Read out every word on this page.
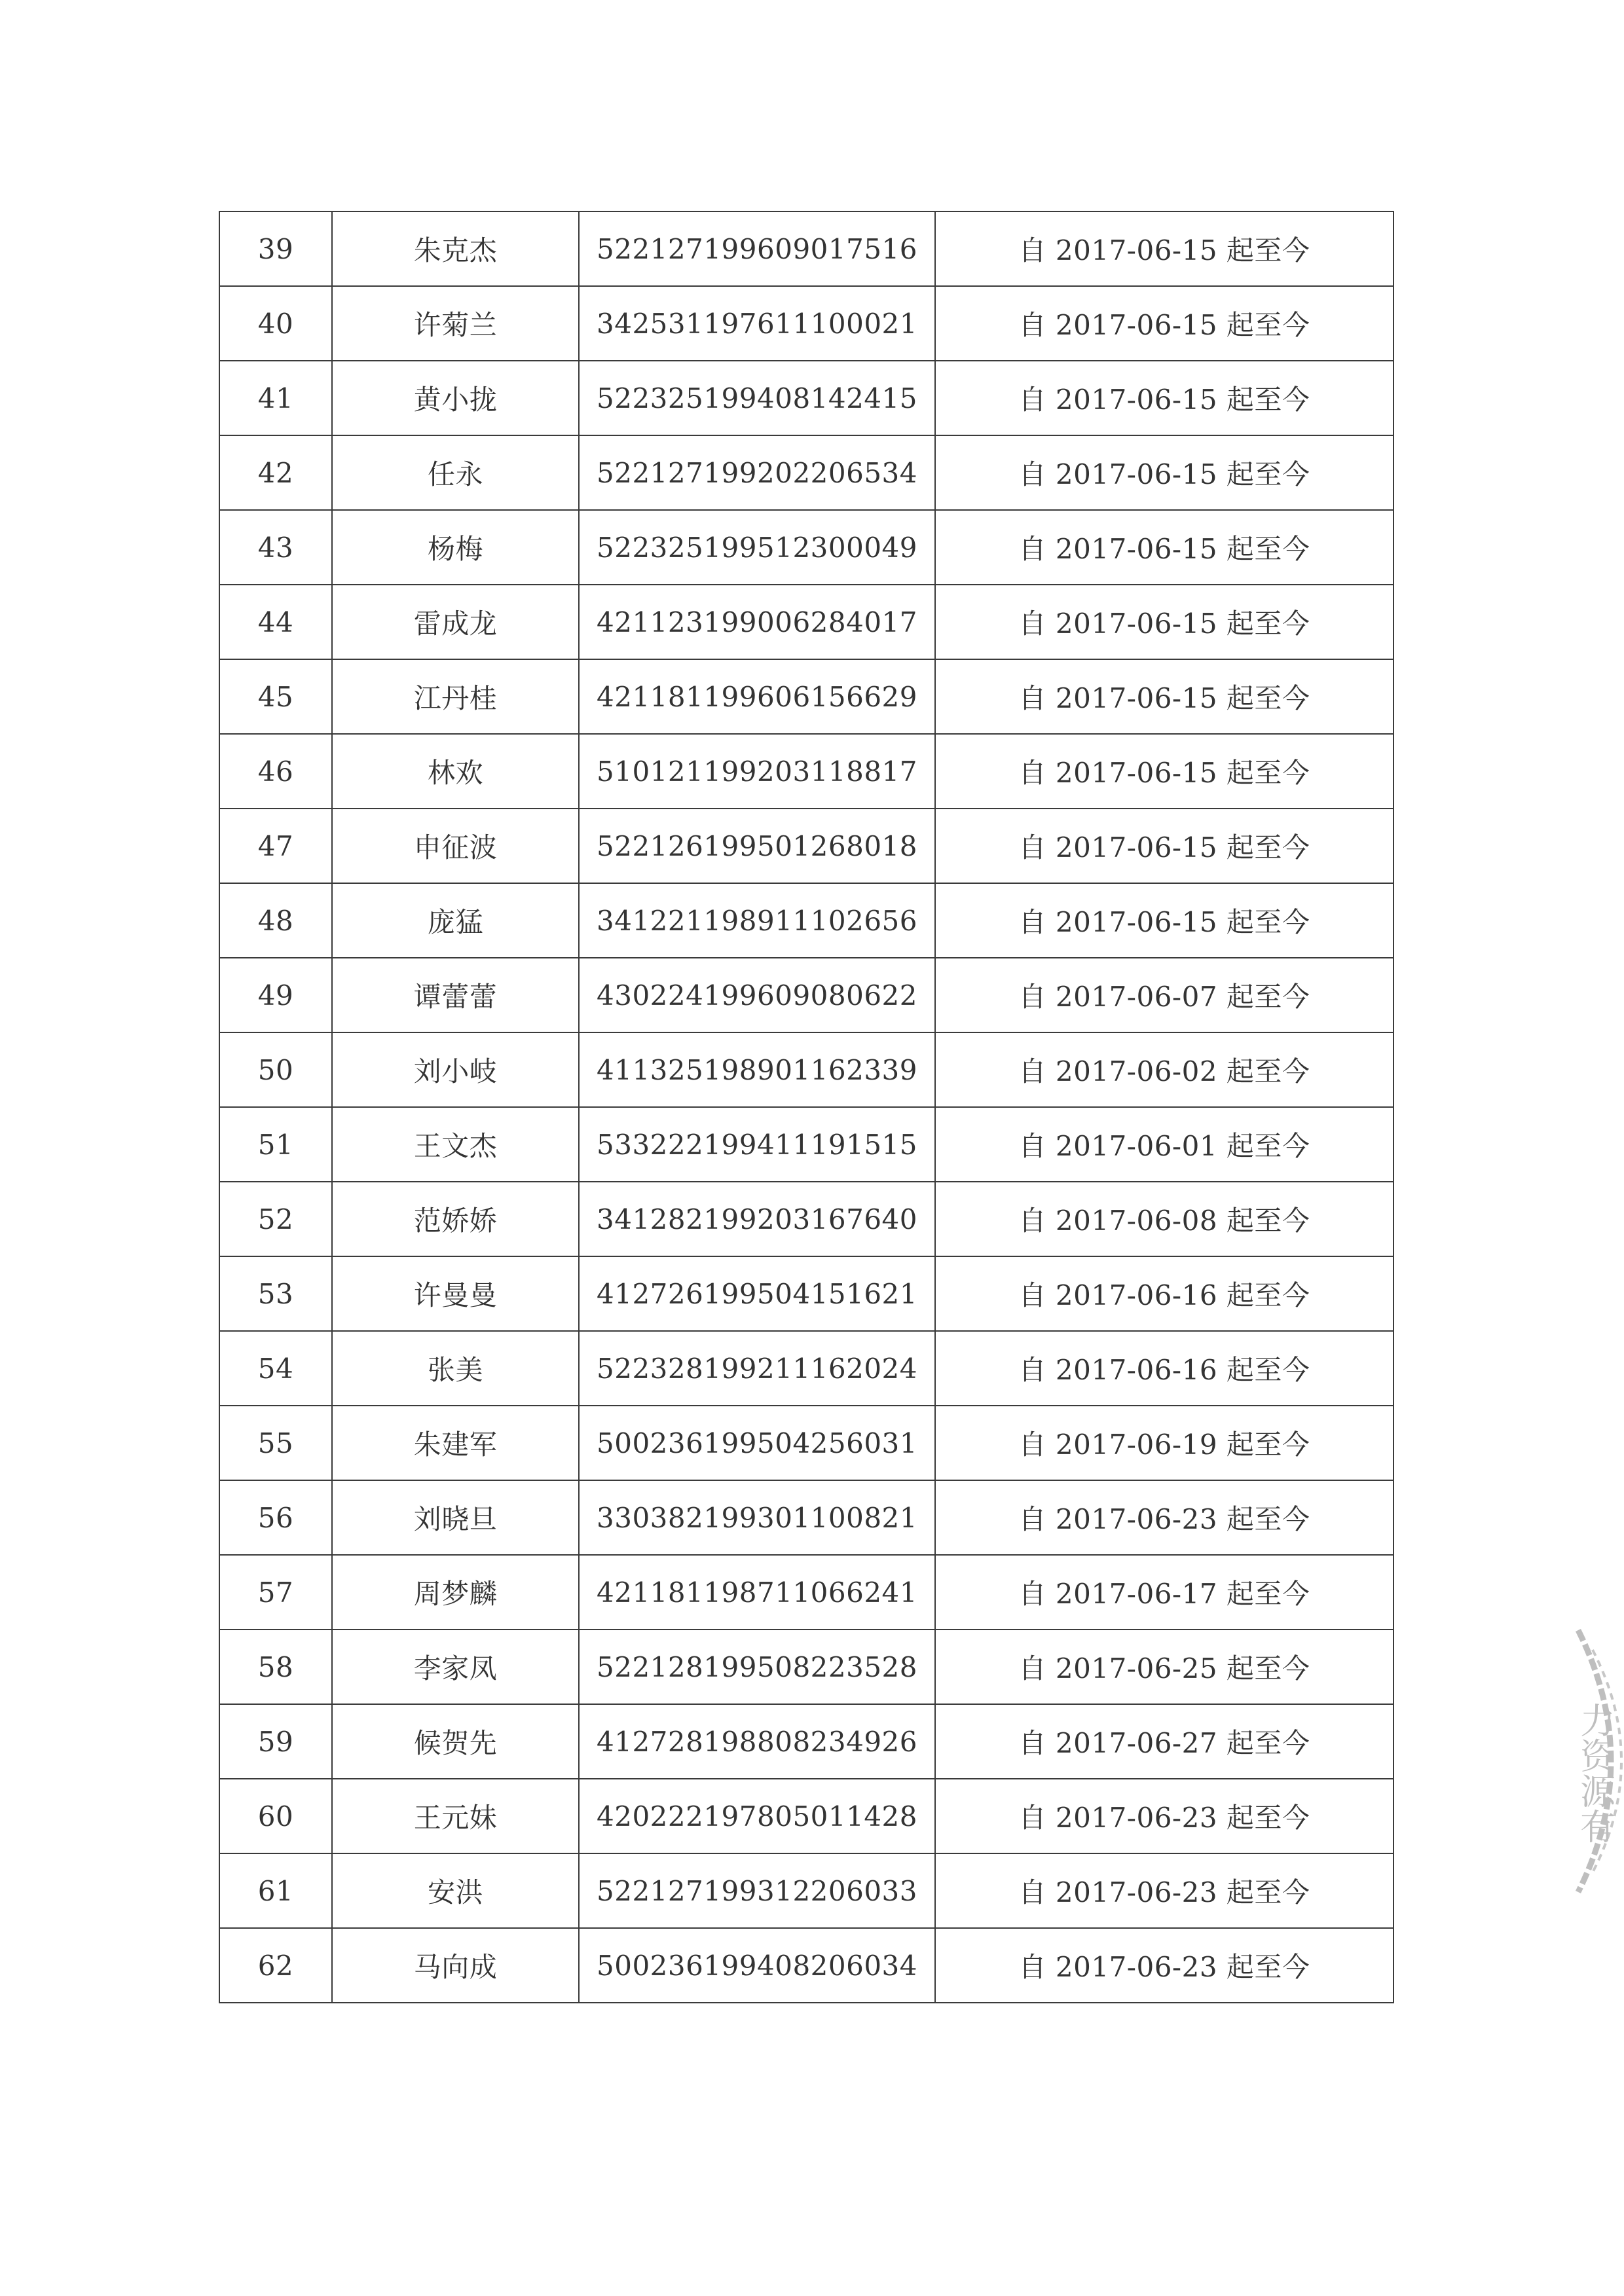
39	朱克杰	522127199609017516	自 2017-06-15 起至今
40	许菊兰	342531197611100021	自 2017-06-15 起至今
41	黄小拢	522325199408142415	自 2017-06-15 起至今
42	任永	522127199202206534	自 2017-06-15 起至今
43	杨梅	522325199512300049	自 2017-06-15 起至今
44	雷成龙	421123199006284017	自 2017-06-15 起至今
45	江丹桂	421181199606156629	自 2017-06-15 起至今
46	林欢	510121199203118817	自 2017-06-15 起至今
47	申征波	522126199501268018	自 2017-06-15 起至今
48	庞猛	341221198911102656	自 2017-06-15 起至今
49	谭蕾蕾	430224199609080622	自 2017-06-07 起至今
50	刘小岐	411325198901162339	自 2017-06-02 起至今
51	王文杰	533222199411191515	自 2017-06-01 起至今
52	范娇娇	341282199203167640	自 2017-06-08 起至今
53	许曼曼	412726199504151621	自 2017-06-16 起至今
54	张美	522328199211162024	自 2017-06-16 起至今
55	朱建军	500236199504256031	自 2017-06-19 起至今
56	刘晓旦	330382199301100821	自 2017-06-23 起至今
57	周梦麟	421181198711066241	自 2017-06-17 起至今
58	李家凤	522128199508223528	自 2017-06-25 起至今
59	候贺先	412728198808234926	自 2017-06-27 起至今
60	王元妹	420222197805011428	自 2017-06-23 起至今
61	安洪	522127199312206033	自 2017-06-23 起至今
62	马向成	500236199408206034	自 2017-06-23 起至今
力资源有
